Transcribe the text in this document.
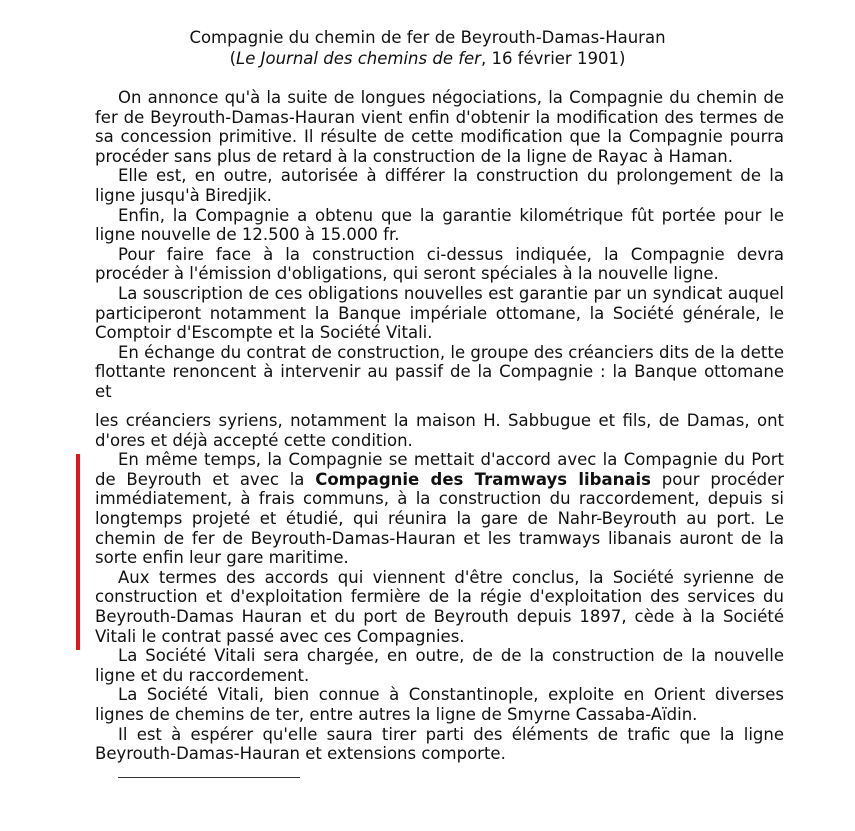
Compagnie du chemin de fer de Beyrouth-Damas-Hauran
(Le Journal des chemins de fer, 16 février 1901)

On annonce qu'à la suite de longues négociations, la Compagnie du chemin de fer de Beyrouth-Damas-Hauran vient enfin d'obtenir la modification des termes de sa concession primitive. Il résulte de cette modification que la Compagnie pourra procéder sans plus de retard à la construction de la ligne de Rayac à Haman.

Elle est, en outre, autorisée à différer la construction du prolongement de la ligne jusqu'à Biredjik.

Enfin, la Compagnie a obtenu que la garantie kilométrique fût portée pour le ligne nouvelle de 12.500 à 15.000 fr.

Pour faire face à la construction ci-dessus indiquée, la Compagnie devra procéder à l'émission d'obligations, qui seront spéciales à la nouvelle ligne.

La souscription de ces obligations nouvelles est garantie par un syndicat auquel participeront notamment la Banque impériale ottomane, la Société générale, le Comptoir d'Escompte et la Société Vitali.

En échange du contrat de construction, le groupe des créanciers dits de la dette flottante renoncent à intervenir au passif de la Compagnie : la Banque ottomane et

les créanciers syriens, notamment la maison H. Sabbugue et fils, de Damas, ont d'ores et déjà accepté cette condition.

En même temps, la Compagnie se mettait d'accord avec la Compagnie du Port de Beyrouth et avec la Compagnie des Tramways libanais pour procéder immédiatement, à frais communs, à la construction du raccordement, depuis si longtemps projeté et étudié, qui réunira la gare de Nahr-Beyrouth au port. Le chemin de fer de Beyrouth-Damas-Hauran et les tramways libanais auront de la sorte enfin leur gare maritime.

Aux termes des accords qui viennent d'être conclus, la Société syrienne de construction et d'exploitation fermière de la régie d'exploitation des services du Beyrouth-Damas Hauran et du port de Beyrouth depuis 1897, cède à la Société Vitali le contrat passé avec ces Compagnies.

La Société Vitali sera chargée, en outre, de de la construction de la nouvelle ligne et du raccordement.

La Société Vitali, bien connue à Constantinople, exploite en Orient diverses lignes de chemins de ter, entre autres la ligne de Smyrne Cassaba-Aïdin.

Il est à espérer qu'elle saura tirer parti des éléments de trafic que la ligne Beyrouth-Damas-Hauran et extensions comporte.
